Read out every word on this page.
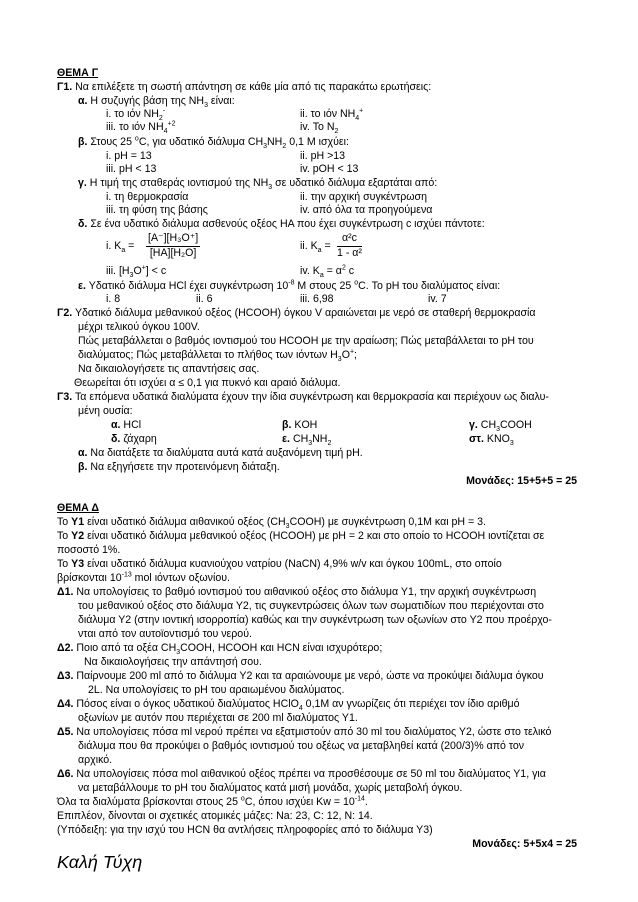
ΘΕΜΑ Γ
Γ1. Να επιλέξετε τη σωστή απάντηση σε κάθε μία από τις παρακάτω ερωτήσεις:
α. Η συζυγής βάση της $NH_3$ είναι:
i. το ιόν $NH_2^-$	ii. το ιόν $NH_4^+$
iii. το ιόν $NH_4^{+2}$	iv. Το $N_2$
β. Στους 25 $^o$C, για υδατικό διάλυμα $CH_3NH_2$ 0,1 M ισχύει:
i. pH = 13	ii. pH >13
iii. pH < 13	iv. pOH < 13
γ. Η τιμή της σταθεράς ιοντισμού της $NH_3$ σε υδατικό διάλυμα εξαρτάται από:
i. τη θερμοκρασία	ii. την αρχική συγκέντρωση
iii. τη φύση της βάσης	iv. από όλα τα προηγούμενα
δ. Σε ένα υδατικό διάλυμα ασθενούς οξέος ΗΑ που έχει συγκέντρωση c ισχύει πάντοτε:
i. $K_a = \frac{\text{[A⁻][H₃O⁺]}}{\text{[HA][H₂O]}}$	ii. $K_a = \frac{\text{α²c}}{\text{1 - α²}}$
iii. $[H_3O^+] < c$	iv. $K_a = \alpha^2$ c
ε. Υδατικό διάλυμα HCl έχει συγκέντρωση $10^{-8}$ M στους 25 $^o$C. Το pH του διαλύματος είναι:
i. 8	ii. 6	iii. 6,98	iv. 7
Γ2. Υδατικό διάλυμα μεθανικού οξέος (HCOOH) όγκου V αραιώνεται με νερό σε σταθερή θερμοκρασία
μέχρι τελικού όγκου 100V.
Πώς μεταβάλλεται ο βαθμός ιοντισμού του HCOOH με την αραίωση; Πώς μεταβάλλεται το pH του
διαλύματος; Πώς μεταβάλλεται το πλήθος των ιόντων $H_3O^+$;
Να δικαιολογήσετε τις απαντήσεις σας.
Θεωρείται ότι ισχύει α ≤ 0,1 για πυκνό και αραιό διάλυμα.
Γ3. Τα επόμενα υδατικά διαλύματα έχουν την ίδια συγκέντρωση και θερμοκρασία και περιέχουν ως διαλυ-
μένη ουσία:
α. HCl	β. KOH	γ. $CH_3COOH$
δ. ζάχαρη	ε. $CH_3NH_2$	στ. $KNO_3$
α. Να διατάξετε τα διαλύματα αυτά κατά αυξανόμενη τιμή pH.
β. Να εξηγήσετε την προτεινόμενη διάταξη.
Μονάδες: 15+5+5 = 25
ΘΕΜΑ Δ
Το Υ1 είναι υδατικό διάλυμα αιθανικού οξέος $(CH_3COOH)$ με συγκέντρωση 0,1M και pH = 3.
Το Υ2 είναι υδατικό διάλυμα μεθανικού οξέος (HCOOH) με pH = 2 και στο οποίο το HCOOH ιοντίζεται σε
ποσοστό 1%.
Το Υ3 είναι υδατικό διάλυμα κυανιούχου νατρίου (NaCN) 4,9% w/v και όγκου 100mL, στο οποίο
βρίσκονται $10^{-13}$ mol ιόντων οξωνίου.
Δ1. Να υπολογίσεις το βαθμό ιοντισμού του αιθανικού οξέος στο διάλυμα Υ1, την αρχική συγκέντρωση
του μεθανικού οξέος στο διάλυμα Υ2, τις συγκεντρώσεις όλων των σωματιδίων που περιέχονται στο
διάλυμα Υ2 (στην ιοντική ισορροπία) καθώς και την συγκέντρωση των οξωνίων στο Υ2 που προέρχο-
νται από τον αυτοϊοντισμό του νερού.
Δ2. Ποιο από τα οξέα $CH_3COOH$, HCOOH και HCN είναι ισχυρότερο;
Να δικαιολογήσεις την απάντησή σου.
Δ3. Παίρνουμε 200 ml από το διάλυμα Υ2 και τα αραιώνουμε με νερό, ώστε να προκύψει διάλυμα όγκου
2L. Να υπολογίσεις το pH του αραιωμένου διαλύματος.
Δ4. Πόσος είναι ο όγκος υδατικού διαλύματος HClO$_4$ 0,1M αν γνωρίζεις ότι περιέχει τον ίδιο αριθμό
οξωνίων με αυτόν που περιέχεται σε 200 ml διαλύματος Υ1.
Δ5. Να υπολογίσεις πόσα ml νερού πρέπει να εξατμιστούν από 30 ml του διαλύματος Υ2, ώστε στο τελικό
διάλυμα που θα προκύψει ο βαθμός ιοντισμού του οξέως να μεταβληθεί κατά (200/3)% από τον
αρχικό.
Δ6. Να υπολογίσεις πόσα mol αιθανικού οξέος πρέπει να προσθέσουμε σε 50 ml του διαλύματος Υ1, για
να μεταβάλλουμε το pH του διαλύματος κατά μισή μονάδα, χωρίς μεταβολή όγκου.
Όλα τα διαλύματα βρίσκονται στους 25 $^o$C, όπου ισχύει $Kw = 10^{-14}$.
Επιπλέον, δίνονται οι σχετικές ατομικές μάζες: Na: 23, C: 12, N: 14.
(Υπόδειξη: για την ισχύ του HCN θα αντλήσεις πληροφορίες από το διάλυμα Υ3)
Μονάδες: 5+5x4 = 25
Καλή Τύχη
